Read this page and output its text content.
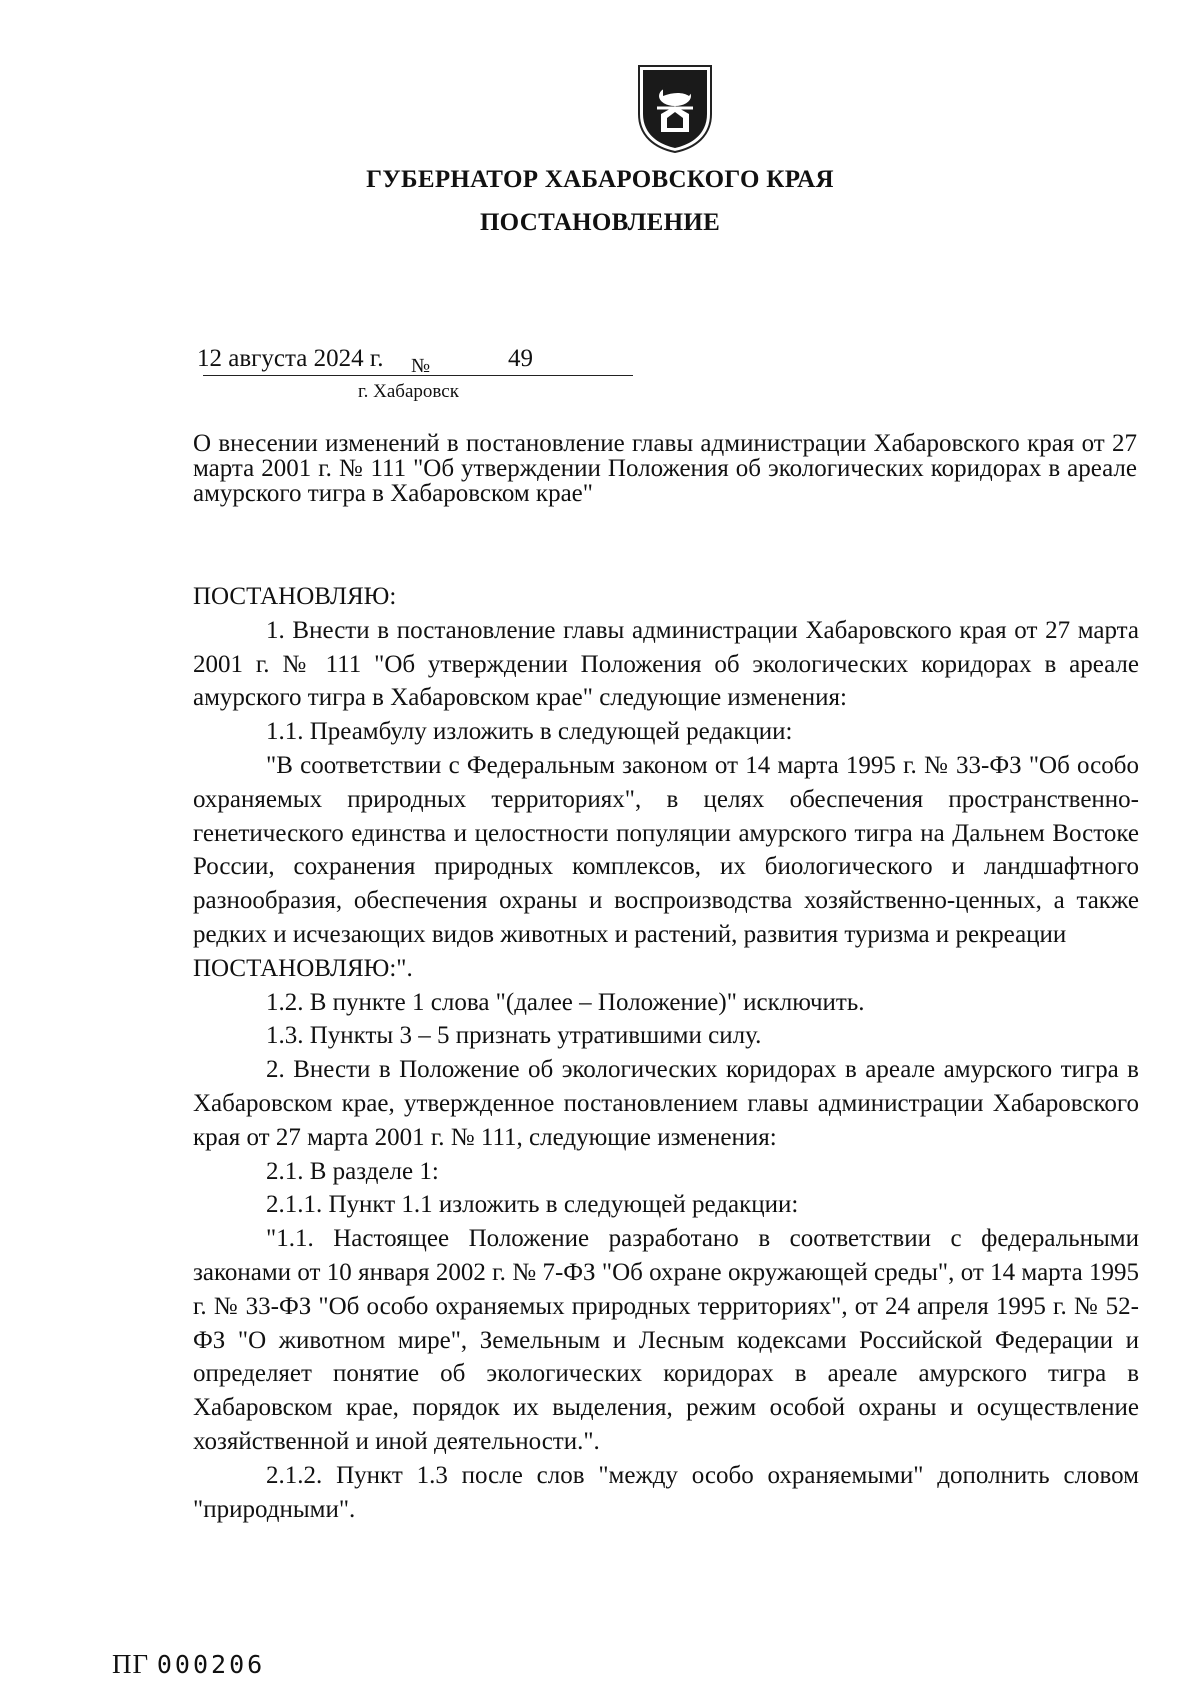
ГУБЕРНАТОР ХАБАРОВСКОГО КРАЯ
ПОСТАНОВЛЕНИЕ
12 августа 2024 г. №	49
г. Хабаровск
О внесении изменений в постановление главы администрации Хабаровского края от 27 марта 2001 г. № 111 "Об утверждении Положения об экологических коридорах в ареале амурского тигра в Хабаровском крае"

ПОСТАНОВЛЯЮ:

1. Внести в постановление главы администрации Хабаровского края от 27 марта 2001 г. № 111 "Об утверждении Положения об экологических коридорах в ареале амурского тигра в Хабаровском крае" следующие изменения:

1.1. Преамбулу изложить в следующей редакции:

"В соответствии с Федеральным законом от 14 марта 1995 г. № 33-ФЗ "Об особо охраняемых природных территориях", в целях обеспечения пространственно-генетического единства и целостности популяции амурского тигра на Дальнем Востоке России, сохранения природных комплексов, их биологического и ландшафтного разнообразия, обеспечения охраны и воспроизводства хозяйственно-ценных, а также редких и исчезающих видов животных и растений, развития туризма и рекреации

ПОСТАНОВЛЯЮ:".

1.2. В пункте 1 слова "(далее – Положение)" исключить.

1.3. Пункты 3 – 5 признать утратившими силу.

2. Внести в Положение об экологических коридорах в ареале амурского тигра в Хабаровском крае, утвержденное постановлением главы администрации Хабаровского края от 27 марта 2001 г. № 111, следующие изменения:

2.1. В разделе 1:

2.1.1. Пункт 1.1 изложить в следующей редакции:

"1.1. Настоящее Положение разработано в соответствии с федеральными законами от 10 января 2002 г. № 7-ФЗ "Об охране окружающей среды", от 14 марта 1995 г. № 33-ФЗ "Об особо охраняемых природных территориях", от 24 апреля 1995 г. № 52-ФЗ "О животном мире", Земельным и Лесным кодексами Российской Федерации и определяет понятие об экологических коридорах в ареале амурского тигра в Хабаровском крае, порядок их выделения, режим особой охраны и осуществление хозяйственной и иной деятельности.".

2.1.2. Пункт 1.3 после слов "между особо охраняемыми" дополнить словом "природными".

ПГ 000206
